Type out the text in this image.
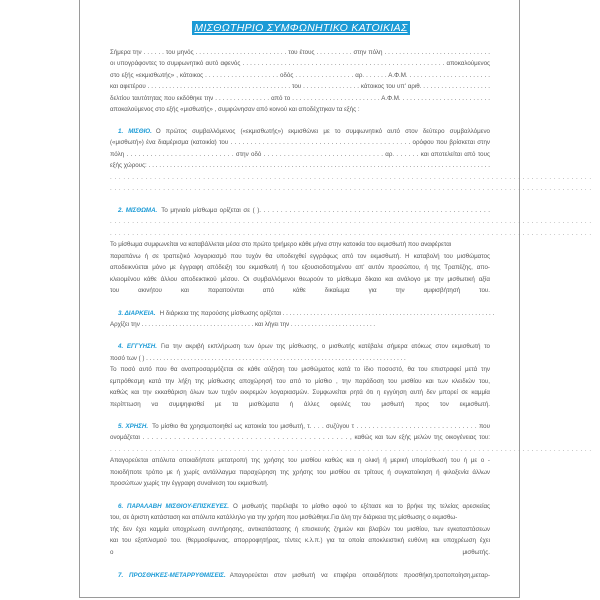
ΜΙΣΘΩΤΗΡΙΟ ΣΥΜΦΩΝΗΤΙΚΟ ΚΑΤΟΙΚΙΑΣ
Σήμερα την . . . . . . του μηνός . . . . . . . . . . . . . . . . . . . . . . . . . τoυ έτους . . . . . . . . . . στην πόλη . . . . . . . . . . . . . . . . . . . . . . . . . . . . .
οι υπογράφοντες το συμφωνητικό αυτό αφενός . . . . . . . . . . . . . . . . . . . . . . . . . . . . . . . . . . . . . . . . . . . . . . . . . . . . . αποκαλούμενος
στο εξής «εκμισθωτής» , κάτοικος . . . . . . . . . . . . . . . . . . . . οδός . . . . . . . . . . . . . . . . αρ. . . . . . . Α.Φ.Μ. . . . . . . . . . . . . . . . . . . . . . .
και αφετέρου . . . . . . . . . . . . . . . . . . . . . . . . . . . . . . . . . . . . . . . . του . . . . . . . . . . . . . . . . κάτοικος του υπ' αριθ. . . . . . . . . . . . . . . . . . . .
δελτίου ταυτότητας που εκδόθηκε την . . . . . . . . . . . . . . . από το . . . . . . . . . . . . . . . . . . . . . . . . Α.Φ.Μ. . . . . . . . . . . . . . . . . . . . . . . . .
αποκαλούμενος στο εξής «μισθωτής» , συμφώνησαν από κοινού και αποδέχτηκαν τα εξής :
1. ΜΙΣΘΙΟ. Ο πρώτος συμβαλλόμενος («εκμισθωτής») εκμισθώνει με το συμφωνητικό αυτό στον δεύτερο συμβαλλόμενο
(«μισθωτή») ένα διαμέρισμα (κατοικία) του . . . . . . . . . . . . . . . . . . . . . . . . . . . . . . . . . . . . . . . . . . . . . ορόφου που βρίσκεται στην
πόλη . . . . . . . . . . . . . . . . . . . . . . . . . . . στην οδό . . . . . . . . . . . . . . . . . . . . . . . . . . . . . . αρ. . . . . . . και αποτελείται από τους
εξής χώρους: . . . . . . . . . . . . . . . . . . . . . . . . . . . . . . . . . . . . . . . . . . . . . . . . . . . . . . . . . . . . . . . . . . . . . . . . . . . . . . . . . . . . . . . . . . . . . . . .
. . . . . . . . . . . . . . . . . . . . . . . . . . . . . . . . . . . . . . . . . . . . . . . . . . . . . . . . . . . . . . . . . . . . . . . . . . . . . . . . . . . . . . . . . . . . . . . . . . . . . . . . . . . . .
. . . . . . . . . . . . . . . . . . . . . . . . . . . . . . . . . . . . . . . . . . . . . . . . . . . . . . . . . . . . . . . . . . . . . . . . . . . . . . . . . . . . . . . . . . . . . . . . . . . . . . . . . . . . .
2. ΜΙΣΘΩΜΑ. Το μηνιαίο μίσθωμα ορίζεται σε ( ). . . . . . . . . . . . . . . . . . . . . . . . . . . . . . . . . . . . . . . . . . . . . . . . . . . . . .
. . . . . . . . . . . . . . . . . . . . . . . . . . . . . . . . . . . . . . . . . . . . . . . . . . . . . . . . . . . . . . . . . . . . . . . . . . . . . . . . . . . . . . . . . . . . . . . . . . . . . . . . . . . . .
. . . . . . . . . . . . . . . . . . . . . . . . . . . . . . . . . . . . . . . . . . . . . . . . . . . . . . . . . . . . . . . . . . . . . . . . . . . . . . . . . . . . . . . . . . . . . . . . . . . . . . . . . . . . .
Το μίσθωμα συμφωνείται να καταβάλλεται μέσα στο πρώτο τριήμερο κάθε μήνα στην κατοικία του εκμισθωτή που αναφέρεται
παραπάνω ή σε τραπεζικό λογαριασμό που τυχόν θα υποδειχθεί εγγράφως από τον εκμισθωτή. Η καταβολή του μισθώματος
αποδεικνύεται μόνο με έγγραφη απόδειξη του εκμισθωτή ή του εξουσιοδοτημένου απ' αυτόν προσώπου, ή της Τραπέζης, απο-
κλειομένου κάθε άλλου αποδεικτικού μέσου. Οι συμβαλλόμενοι θεωρούν το μίσθωμα δίκαιο και ανάλογο με την μισθωτική αξία
του ακινήτου και παραιτούνται από κάθε δικαίωμα για την αμφισβήτησή του.
3. ΔΙΑΡΚΕΙΑ. Η διάρκεια της παρούσης μίσθωσης ορίζεται . . . . . . . . . . . . . . . . . . . . . . . . . . . . . . . . . . . . . . . . . . . . . . . . . . . . . . . . . . . . . .
Αρχίζει την . . . . . . . . . . . . . . . . . . . . . . . . . . . . . . . . . και λήγει την . . . . . . . . . . . . . . . . . . . . . . . . .
4. ΕΓΓΥΗΣΗ. Για την ακριβή εκπλήρωση των όρων της μίσθωσης, ο μισθωτής κατέβαλε σήμερα ατόκως στον εκμισθωτή το
ποσό των ( ) . . . . . . . . . . . . . . . . . . . . . . . . . . . . . . . . . . . . . . . . . . . . . . . . . . . . . . . . . . . . . . . . . . . . . . . . . . . .
Το ποσό αυτό που θα αναπροσαρμόζεται σε κάθε αύξηση του μισθώματος κατά το ίδιο ποσοστό, θα του επιστραφεί μετά την
εμπρόθεσμη κατά την λήξη της μίσθωσης αποχώρησή του από το μίσθιο , την παράδοση του μισθίου και των κλειδιών του,
καθώς και την εκκαθάριση όλων των τυχόν εκκρεμών λογαριασμών. Συμφωνείται ρητά ότι η εγγύηση αυτή δεν μπορεί σε καμμία
περίπτωση να συμψηφισθεί με τα μισθώματα ή άλλες οφειλές του μισθωτή προς τον εκμισθωτή.
5. ΧΡΗΣΗ. Το μίσθιο θα χρησιμοποιηθεί ως κατοικία του μισθωτή, τ. . . . συζύγου τ . . . . . . . . . . . . . . . . . . . . . . . . . . . . . . που
ονομάζεται . . . . . . . . . . . . . . . . . . . . . . . . . . . . . . . . . . . . . . . . . . . . . . , καθώς και των εξής μελών της οικογένειας του:
. . . . . . . . . . . . . . . . . . . . . . . . . . . . . . . . . . . . . . . . . . . . . . . . . . . . . . . . . . . . . . . . . . . . . . . . . . . . . . . . . . . . . . . . . . . . . . . . . . . . . . . . . . . . .
Απαγορεύεται απόλυτα οποιαδήποτε μετατροπή της χρήσης του μισθίου καθώς και η ολική ή μερική υπομίσθωσή του ή με ο -
ποιοδήποτε τρόπο με ή χωρίς αντάλλαγμα παραχώρηση της χρήσης του μισθίου σε τρίτους ή συγκατοίκηση ή φιλοξενία άλλων
προσώπων χωρίς την έγγραφη συναίνεση του εκμισθωτή.
6. ΠΑΡΑΛΑΒΗ ΜΙΣΘΙΟΥ-ΕΠΙΣΚΕΥΕΣ. Ο μισθωτής παρέλαβε το μίσθιο αφού το εξέτασε και το βρήκε της τελείας αρεσκείας
του, σε άριστη κατάσταση και απόλυτα κατάλληλο για την χρήση που μισθώθηκε.Για όλη την διάρκεια της μίσθωσης ο εκμισθω-
τής δεν έχει καμμία υποχρέωση συντήρησης, αντικατάστασης ή επισκευής ζημιών και βλαβών του μισθίου, των εγκαταστάσεων
και του εξοπλισμού του. (θερμοσίφωνας, απορροφητήρας, τέντες κ.λ.π.) για τα οποία αποκλειστική ευθύνη και υποχρέωση έχει
ο μισθωτής.
7. ΠΡΟΣΘΗΚΕΣ-ΜΕΤΑΡΡΥΘΜΙΣΕΙΣ. Απαγορεύεται στον μισθωτή να επιφέρει οποιαδήποτε προσθήκη,τροποποίηση,μεταρ-
